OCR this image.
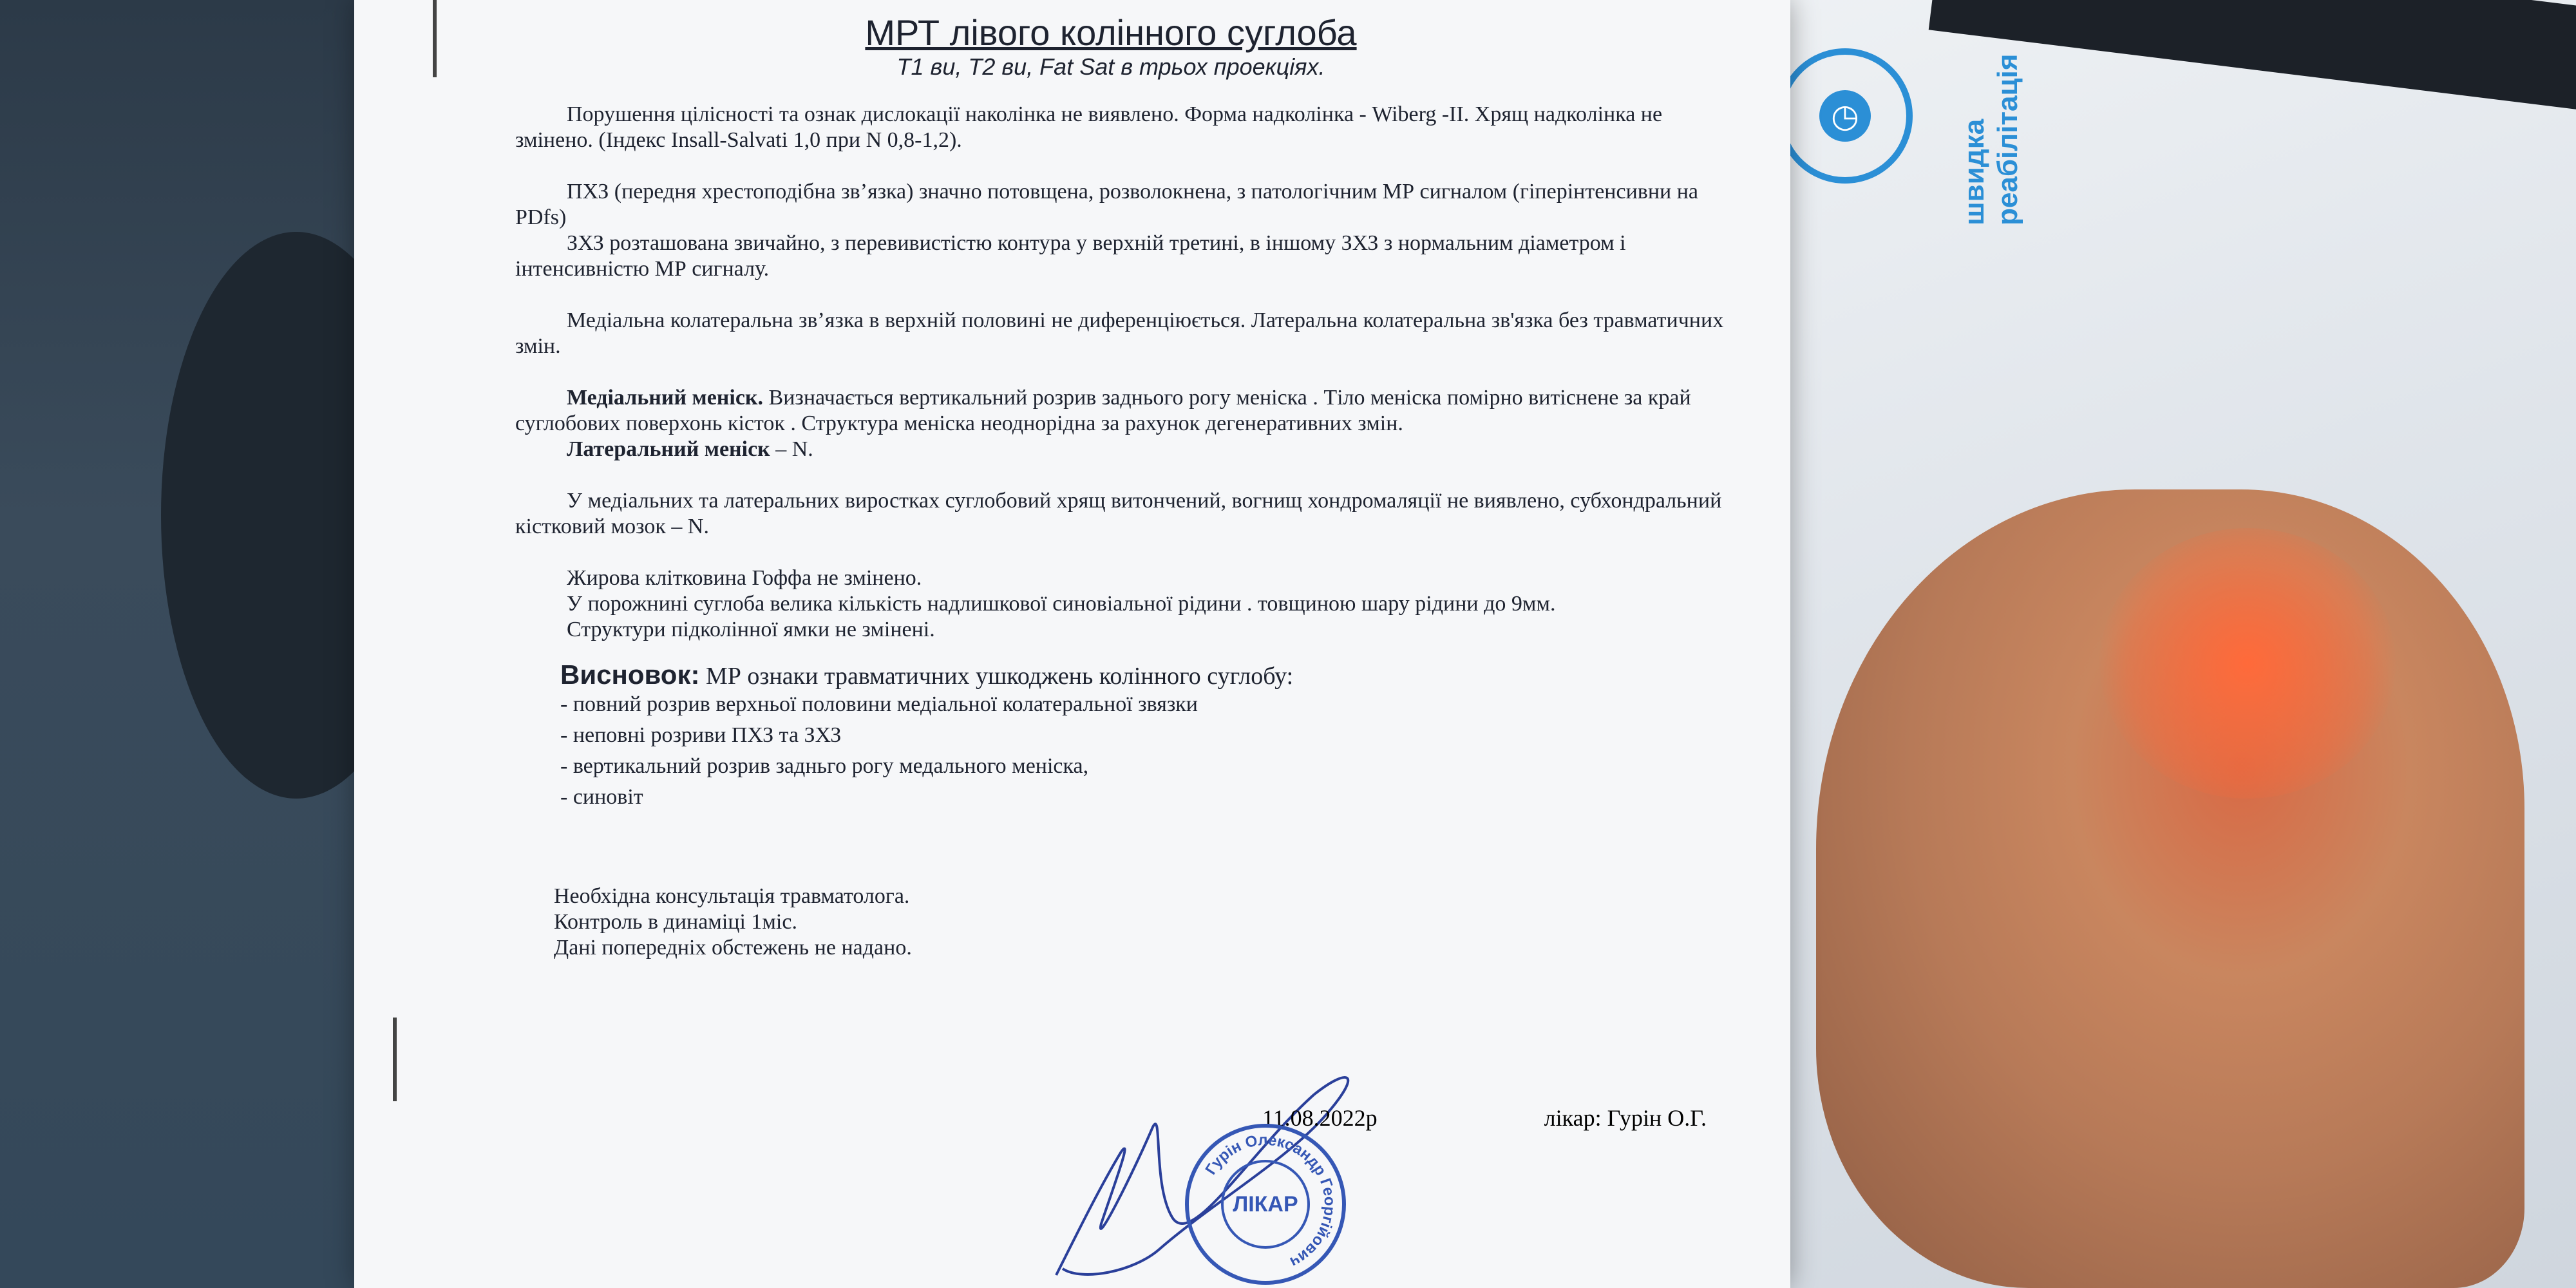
◷
швидка реабілітація
МРТ лівого колінного суглоба
T1 ви, T2 ви, Fat Sat в трьох проекціях.

Порушення цілісності та ознак дислокації наколінка не виявлено. Форма надколінка - Wiberg -II. Хрящ надколінка не змінено. (Індекс Insall-Salvati 1,0 при N 0,8-1,2).

ПХЗ (передня хрестоподібна зв’язка) значно потовщена, розволокнена, з патологічним МР сигналом (гіперінтенсивни на PDfs)

ЗХЗ розташована звичайно, з перевивистістю контура у верхній третині, в іншому ЗХЗ з нормальним діаметром і інтенсивністю МР сигналу.

Медіальна колатеральна зв’язка в верхній половині не диференціюється. Латеральна колатеральна зв'язка без травматичних змін.

Медіальний меніск. Визначається вертикальний розрив заднього рогу меніска . Тіло меніска помірно витіснене за край суглобових поверхонь кісток . Структура меніска неоднорідна за рахунок дегенеративних змін.

Латеральний меніск – N.

У медіальних та латеральних виростках суглобовий хрящ витончений, вогнищ хондромаляції не виявлено, субхондральний кістковий мозок – N.

Жирова клітковина Гоффа не змінено.

У порожнині суглоба велика кількість надлишкової синовіальної рідини . товщиною шару рідини до 9мм.

Структури підколінної ямки не змінені.

Висновок: МР ознаки травматичних ушкоджень колінного суглобу:
- повний розрив верхньої половини медіальної колатеральної звязки
- неповні розриви ПХЗ та ЗХЗ
- вертикальний розрив задньго рогу медального меніска,
- синовіт
Необхідна консультація травматолога.
Контроль в динаміці 1міс.
Дані попередніх обстежень не надано.
11.08.2022р	лікар: Гурін О.Г.
Гурін Олександр Георгійович
ЛІКАР
